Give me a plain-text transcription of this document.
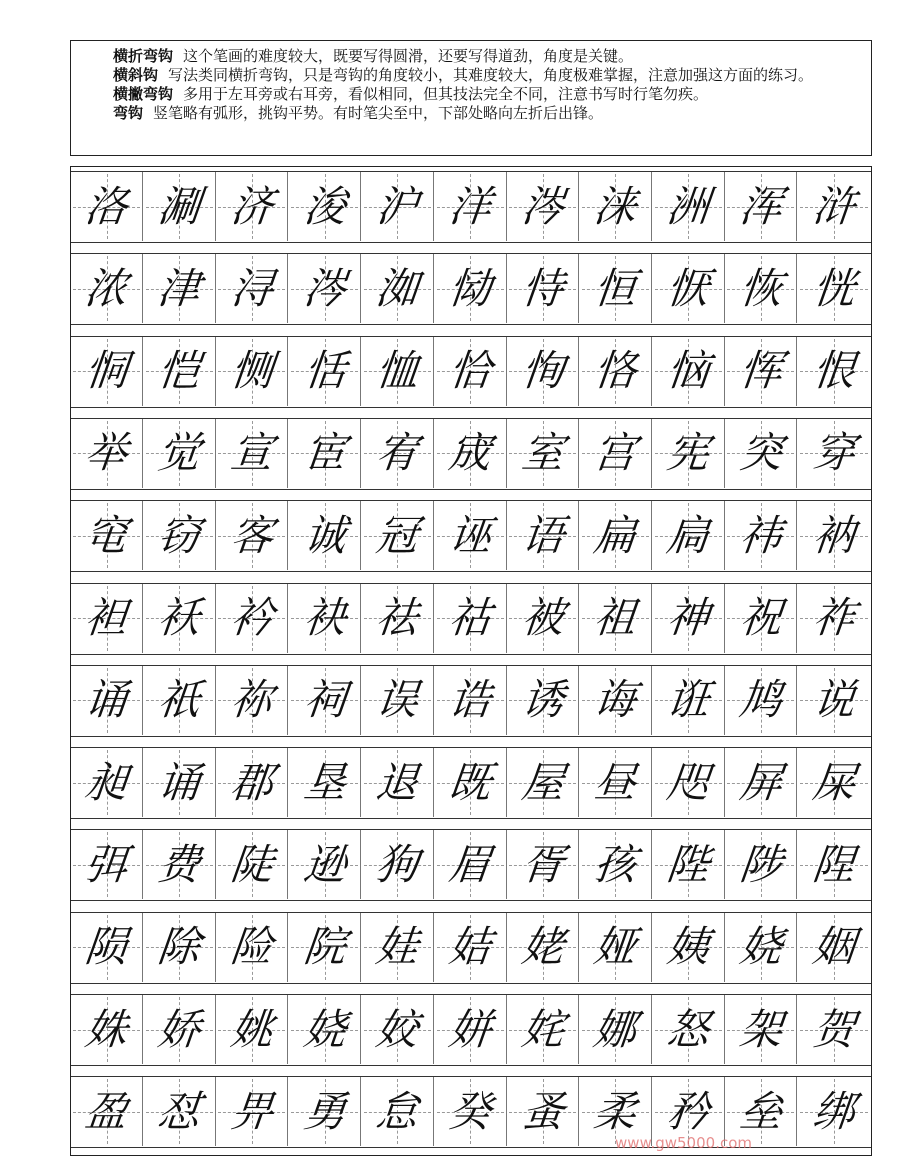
横折弯钩 这个笔画的难度较大，既要写得圆滑，还要写得道劲，角度是关键。

横斜钩 写法类同横折弯钩，只是弯钩的角度较小，其难度较大，角度极难掌握，注意加强这方面的练习。

横撇弯钩 多用于左耳旁或右耳旁，看似相同，但其技法完全不同，注意书写时行笔勿疾。

弯钩 竖笔略有弧形，挑钩平势。有时笔尖至中，下部处略向左折后出锋。

洛 涮 济 浚 沪 洋 涔 涞 洲 浑 浒
浓 津 浔 涔 洳 恸 恃 恒 恹 恢 恍
恫 恺 恻 恬 恤 恰 恂 恪 恼 恽 恨
举 觉 宣 宦 宥 宬 室 宫 宪 突 穿
窀 窃 客 诚 冠 诬 语 扁 扃 祎 衲
袒 袄 衿 袂 祛 祜 被 祖 神 祝 祚
诵 祇 祢 祠 误 诰 诱 诲 诳 鸠 说
昶 诵 郡 垦 退 既 屋 昼 咫 屏 屎
弭 费 陡 逊 狗 眉 胥 孩 陛 陟 陧
陨 除 险 院 娃 姞 姥 娅 姨 娆 姻
姝 娇 姚 娆 姣 姘 姹 娜 怒 架 贺
盈 怼 畀 勇 怠 癸 蚤 柔 矜 垒 绑
www.gw5000.com
